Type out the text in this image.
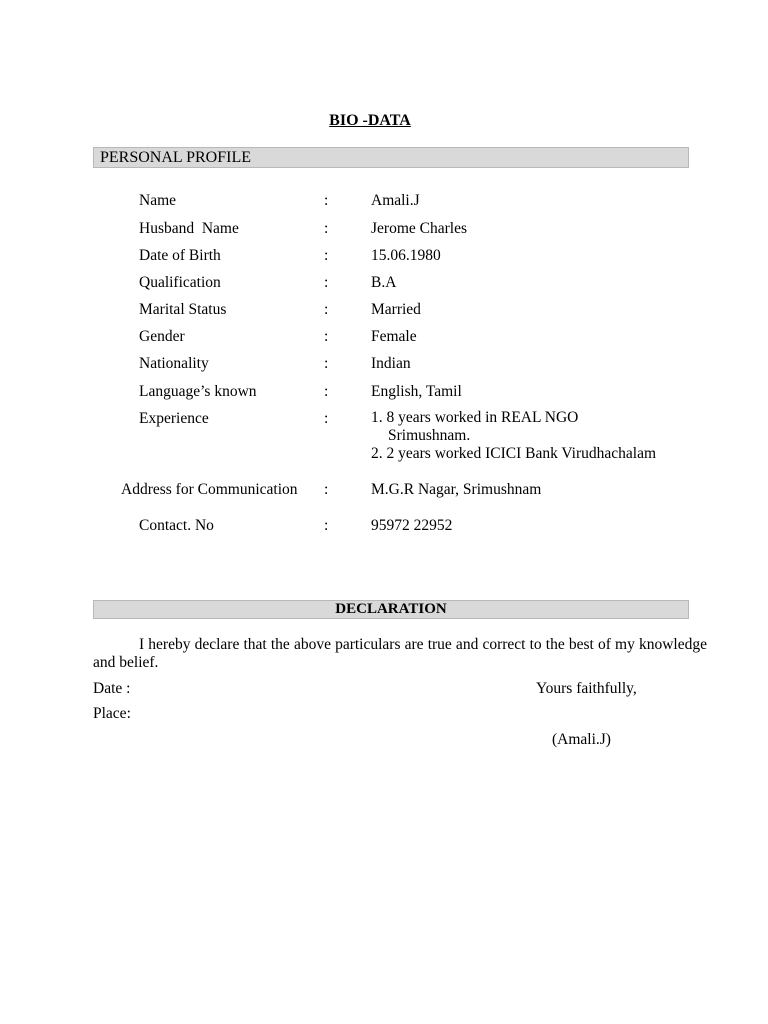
BIO -DATA
PERSONAL PROFILE
Name	:	Amali.J
Husband  Name	:	Jerome Charles
Date of Birth	:	15.06.1980
Qualification	:	B.A
Marital Status	:	Married
Gender	:	Female
Nationality	:	Indian
Language’s known	:	English, Tamil
Experience	:	1. 8 years worked in REAL NGO
Srimushnam.
2. 2 years worked ICICI Bank Virudhachalam
Address for Communication :	M.G.R Nagar, Srimushnam
Contact. No	:	95972 22952
DECLARATION
I hereby declare that the above particulars are true and correct to the best of my knowledge and belief.
Date :	Yours faithfully,
Place:
(Amali.J)
